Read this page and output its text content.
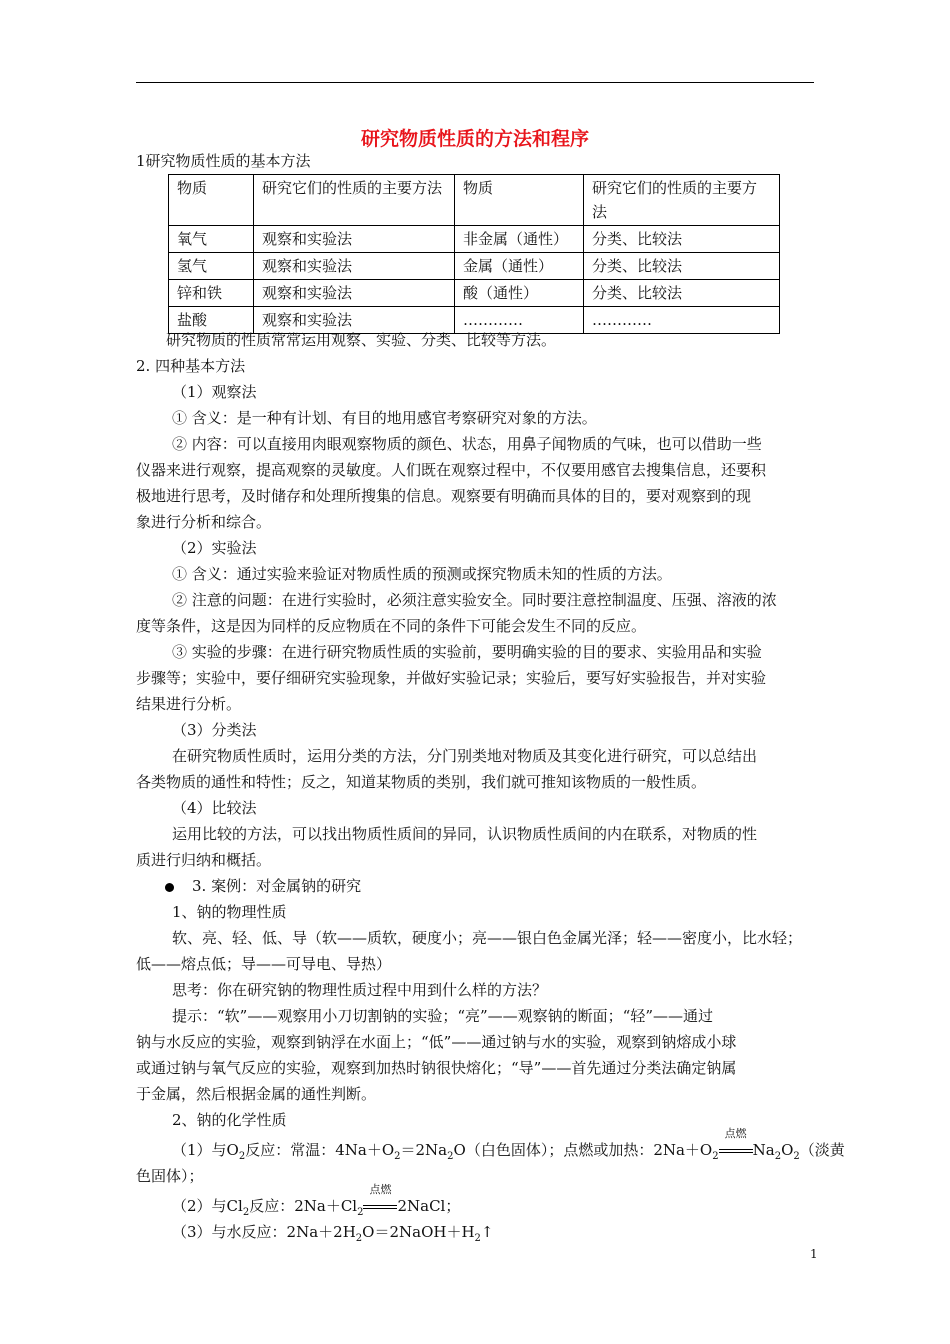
研究物质性质的方法和程序
1研究物质性质的基本方法
物质	研究它们的性质的主要方法	物质	研究它们的性质的主要方法
氧气	观察和实验法	非金属（通性）	分类、比较法
氢气	观察和实验法	金属（通性）	分类、比较法
锌和铁	观察和实验法	酸（通性）	分类、比较法
盐酸	观察和实验法	…………	…………
研究物质的性质常常运用观察、实验、分类、比较等方法。
2. 四种基本方法
（1）观察法
① 含义：是一种有计划、有目的地用感官考察研究对象的方法。
② 内容：可以直接用肉眼观察物质的颜色、状态，用鼻子闻物质的气味，也可以借助一些
仪器来进行观察，提高观察的灵敏度。人们既在观察过程中，不仅要用感官去搜集信息，还要积
极地进行思考，及时储存和处理所搜集的信息。观察要有明确而具体的目的，要对观察到的现
象进行分析和综合。
（2）实验法
① 含义：通过实验来验证对物质性质的预测或探究物质未知的性质的方法。
② 注意的问题：在进行实验时，必须注意实验安全。同时要注意控制温度、压强、溶液的浓
度等条件，这是因为同样的反应物质在不同的条件下可能会发生不同的反应。
③ 实验的步骤：在进行研究物质性质的实验前，要明确实验的目的要求、实验用品和实验
步骤等；实验中，要仔细研究实验现象，并做好实验记录；实验后，要写好实验报告，并对实验
结果进行分析。
（3）分类法
在研究物质性质时，运用分类的方法，分门别类地对物质及其变化进行研究，可以总结出
各类物质的通性和特性；反之，知道某物质的类别，我们就可推知该物质的一般性质。
（4）比较法
运用比较的方法，可以找出物质性质间的异同，认识物质性质间的内在联系，对物质的性
质进行归纳和概括。
3. 案例：对金属钠的研究
1、钠的物理性质
软、亮、轻、低、导（软——质软，硬度小；亮——银白色金属光泽；轻——密度小，比水轻；
低——熔点低；导——可导电、导热）
思考：你在研究钠的物理性质过程中用到什么样的方法？
提示：“软”——观察用小刀切割钠的实验；“亮”——观察钠的断面；“轻”——通过
钠与水反应的实验，观察到钠浮在水面上；“低”——通过钠与水的实验，观察到钠熔成小球
或通过钠与氧气反应的实验，观察到加热时钠很快熔化；“导”——首先通过分类法确定钠属
于金属，然后根据金属的通性判断。
2、钠的化学性质
（1）与$O_2$反应：常温：$4Na+O_2=2Na_2O$（白色固体）；点燃或加热：$2Na+O_2$
点燃
$Na_2O_2$（淡黄
色固体）；
（2）与$Cl_2$反应：$2Na+Cl_2$
点燃
2NaCl；
（3）与水反应：$2Na+2H_2O=2NaOH+H_2↑$
1
